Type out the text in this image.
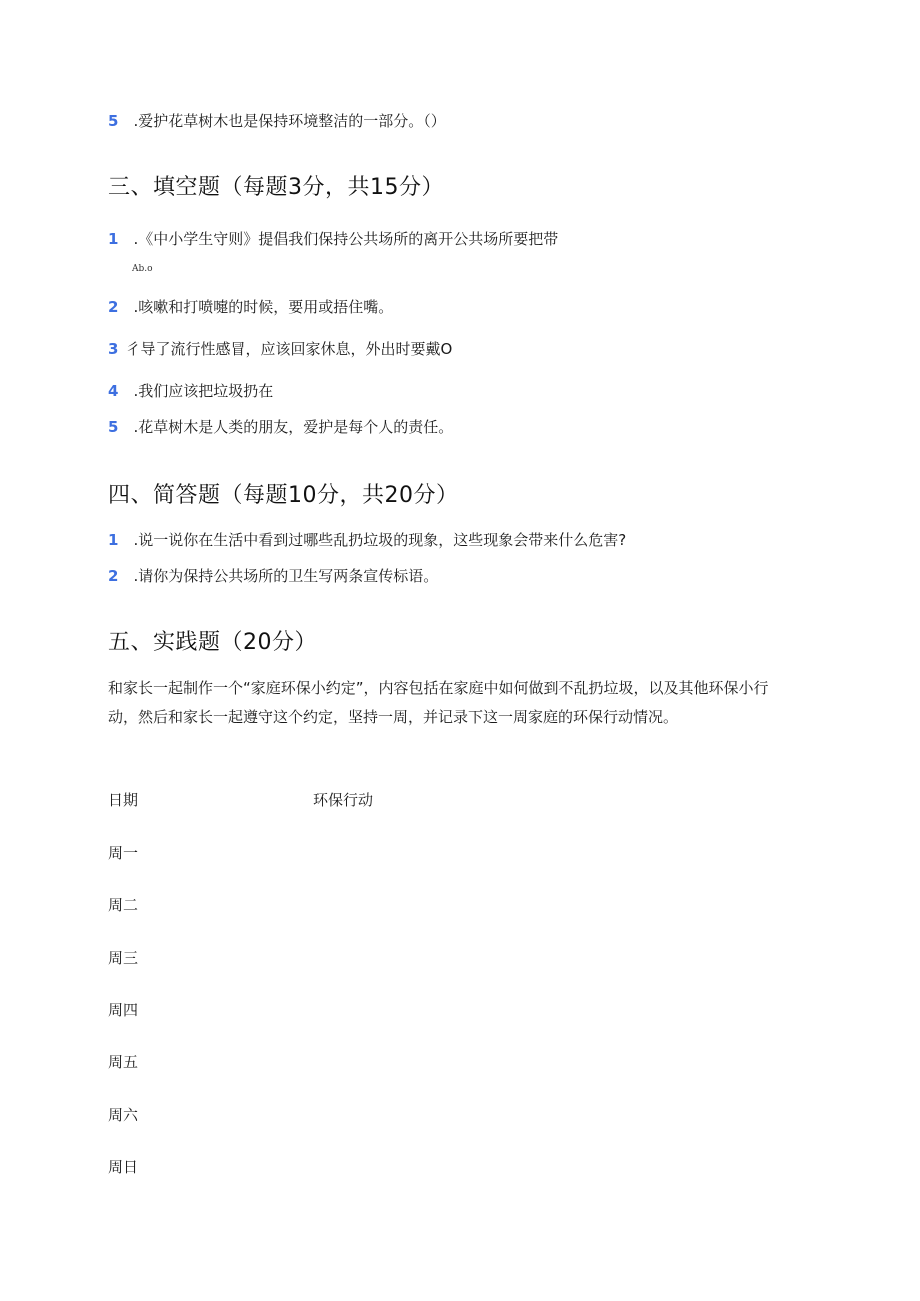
5 .爱护花草树木也是保持环境整洁的一部分。（）
三、填空题（每题3分，共15分）
1 .《中小学生守则》提倡我们保持公共场所的离开公共场所要把带
Ab.o
2 .咳嗽和打喷嚏的时候，要用或捂住嘴。
3 彳导了流行性感冒，应该回家休息，外出时要戴O
4 .我们应该把垃圾扔在
5 .花草树木是人类的朋友，爱护是每个人的责任。
四、简答题（每题10分，共20分）
1 .说一说你在生活中看到过哪些乱扔垃圾的现象，这些现象会带来什么危害?
2 .请你为保持公共场所的卫生写两条宣传标语。
五、实践题（20分）
和家长一起制作一个“家庭环保小约定”，内容包括在家庭中如何做到不乱扔垃圾，以及其他环保小行
动，然后和家长一起遵守这个约定，坚持一周，并记录下这一周家庭的环保行动情况。
日期	环保行动
周一
周二
周三
周四
周五
周六
周日
